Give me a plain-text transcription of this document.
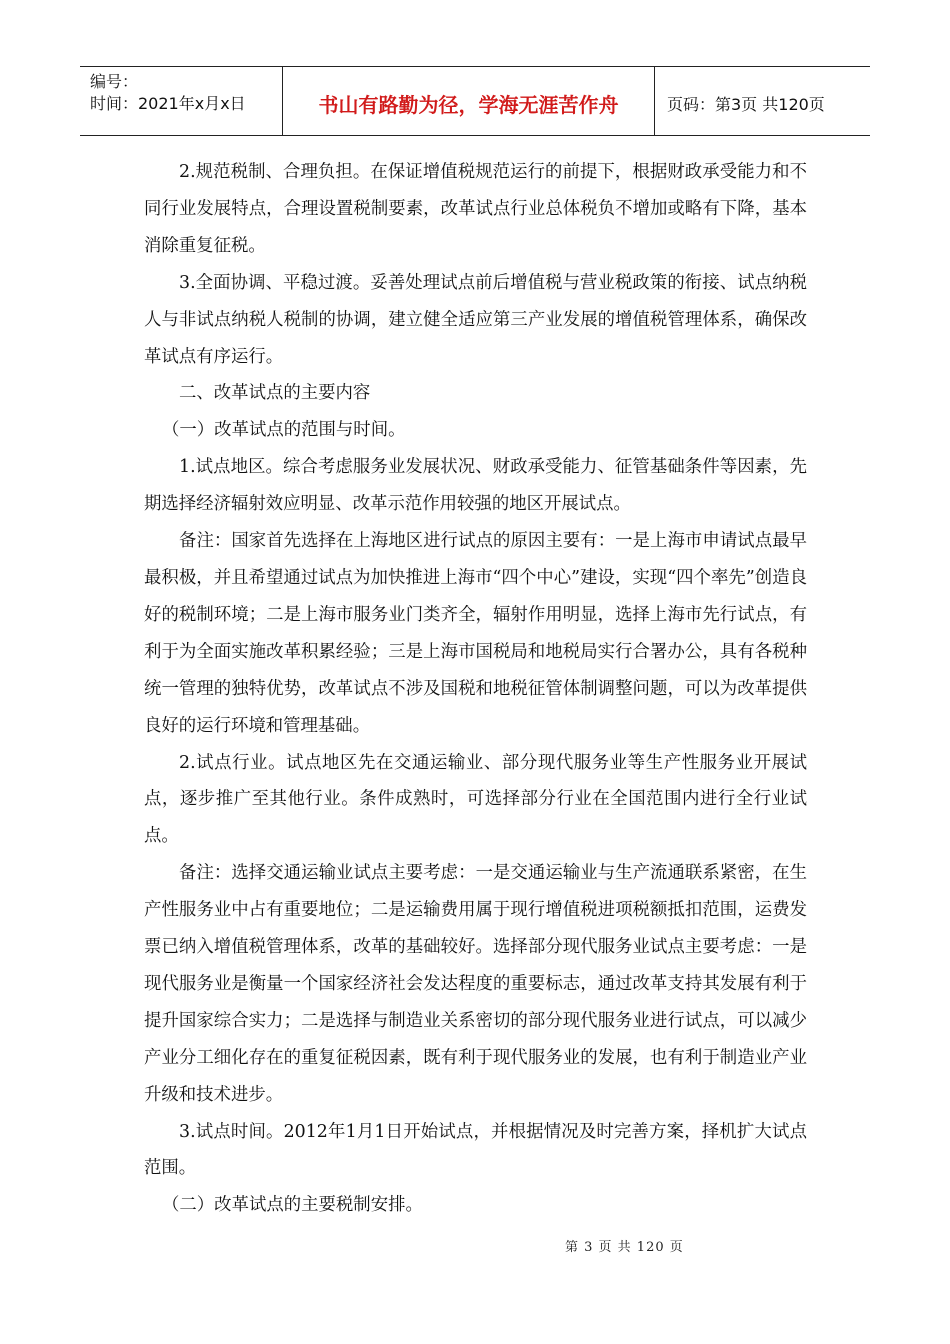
编号：
时间：2021年x月x日	书山有路勤为径，学海无涯苦作舟	页码：第3页 共120页

2.规范税制、合理负担。在保证增值税规范运行的前提下，根据财政承受能力和不同行业发展特点，合理设置税制要素，改革试点行业总体税负不增加或略有下降，基本消除重复征税。

3.全面协调、平稳过渡。妥善处理试点前后增值税与营业税政策的衔接、试点纳税人与非试点纳税人税制的协调，建立健全适应第三产业发展的增值税管理体系，确保改革试点有序运行。

二、改革试点的主要内容

（一）改革试点的范围与时间。

1.试点地区。综合考虑服务业发展状况、财政承受能力、征管基础条件等因素，先期选择经济辐射效应明显、改革示范作用较强的地区开展试点。

备注：国家首先选择在上海地区进行试点的原因主要有：一是上海市申请试点最早最积极，并且希望通过试点为加快推进上海市“四个中心”建设，实现“四个率先”创造良好的税制环境；二是上海市服务业门类齐全，辐射作用明显，选择上海市先行试点，有利于为全面实施改革积累经验；三是上海市国税局和地税局实行合署办公，具有各税种统一管理的独特优势，改革试点不涉及国税和地税征管体制调整问题，可以为改革提供良好的运行环境和管理基础。

2.试点行业。试点地区先在交通运输业、部分现代服务业等生产性服务业开展试点，逐步推广至其他行业。条件成熟时，可选择部分行业在全国范围内进行全行业试点。

备注：选择交通运输业试点主要考虑：一是交通运输业与生产流通联系紧密，在生产性服务业中占有重要地位；二是运输费用属于现行增值税进项税额抵扣范围，运费发票已纳入增值税管理体系，改革的基础较好。选择部分现代服务业试点主要考虑：一是现代服务业是衡量一个国家经济社会发达程度的重要标志，通过改革支持其发展有利于提升国家综合实力；二是选择与制造业关系密切的部分现代服务业进行试点，可以减少产业分工细化存在的重复征税因素，既有利于现代服务业的发展，也有利于制造业产业升级和技术进步。

3.试点时间。2012年1月1日开始试点，并根据情况及时完善方案，择机扩大试点范围。

（二）改革试点的主要税制安排。

第 3 页 共 120 页
